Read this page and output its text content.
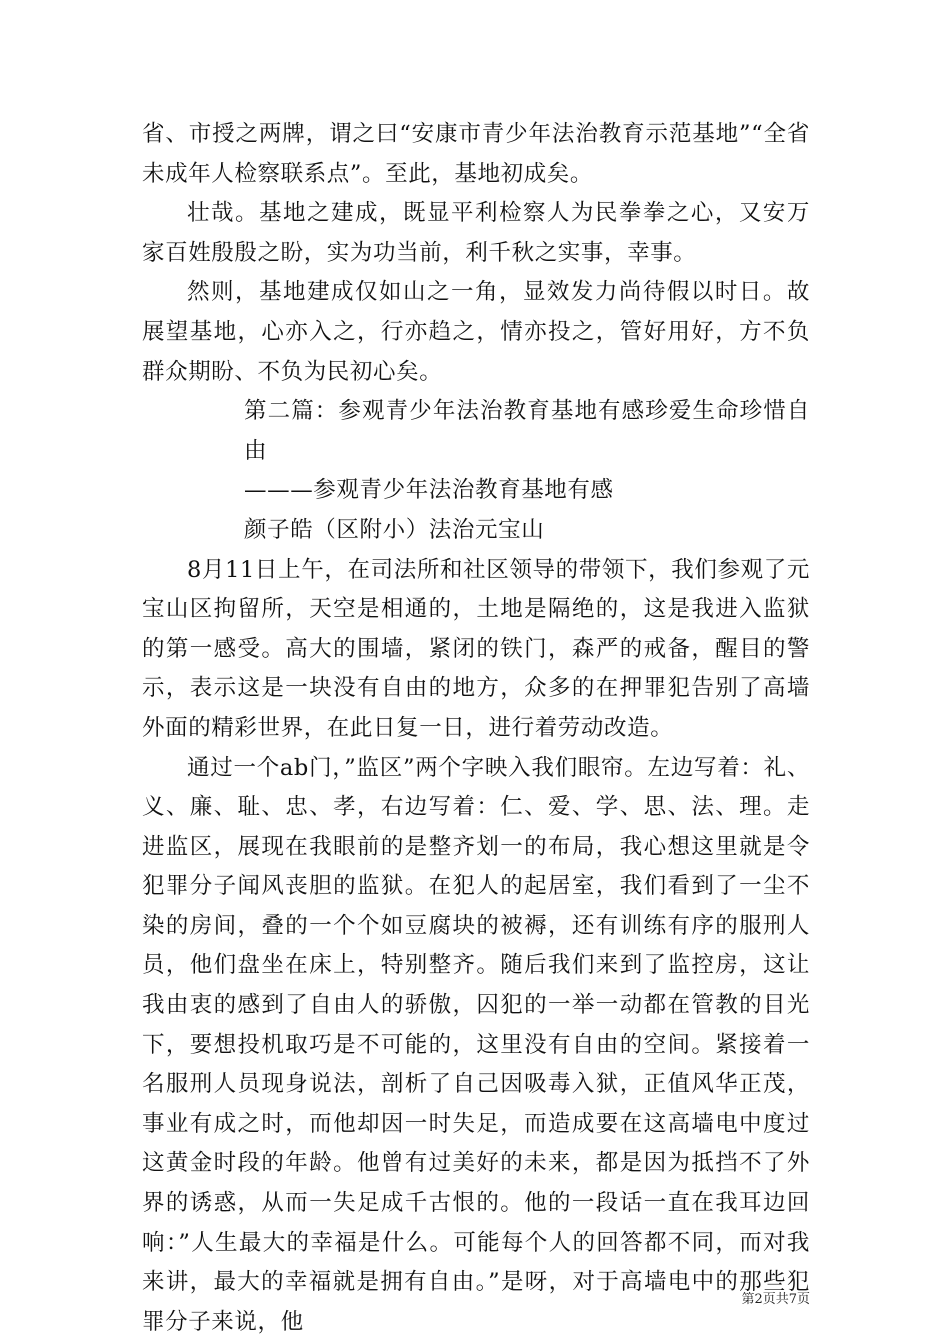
省、市授之两牌，谓之曰“安康市青少年法治教育示范基地”“全省未成年人检察联系点”。至此，基地初成矣。

壮哉。基地之建成，既显平利检察人为民拳拳之心，又安万家百姓殷殷之盼，实为功当前，利千秋之实事，幸事。

然则，基地建成仅如山之一角，显效发力尚待假以时日。故展望基地，心亦入之，行亦趋之，情亦投之，管好用好，方不负群众期盼、不负为民初心矣。

第二篇：参观青少年法治教育基地有感珍爱生命珍惜自由

———参观青少年法治教育基地有感

颜子皓（区附小）法治元宝山

8月11日上午，在司法所和社区领导的带领下，我们参观了元宝山区拘留所，天空是相通的，土地是隔绝的，这是我进入监狱的第一感受。高大的围墙，紧闭的铁门，森严的戒备，醒目的警示，表示这是一块没有自由的地方，众多的在押罪犯告别了高墙外面的精彩世界，在此日复一日，进行着劳动改造。

通过一个ab门，”监区”两个字映入我们眼帘。左边写着：礼、义、廉、耻、忠、孝，右边写着：仁、爱、学、思、法、理。走进监区，展现在我眼前的是整齐划一的布局，我心想这里就是令犯罪分子闻风丧胆的监狱。在犯人的起居室，我们看到了一尘不染的房间，叠的一个个如豆腐块的被褥，还有训练有序的服刑人员，他们盘坐在床上，特别整齐。随后我们来到了监控房，这让我由衷的感到了自由人的骄傲，囚犯的一举一动都在管教的目光下，要想投机取巧是不可能的，这里没有自由的空间。紧接着一名服刑人员现身说法，剖析了自己因吸毒入狱，正值风华正茂，事业有成之时，而他却因一时失足，而造成要在这高墙电中度过这黄金时段的年龄。他曾有过美好的未来，都是因为抵挡不了外界的诱惑，从而一失足成千古恨的。他的一段话一直在我耳边回响：”人生最大的幸福是什么。可能每个人的回答都不同，而对我来讲，最大的幸福就是拥有自由。”是呀，对于高墙电中的那些犯罪分子来说，他

第2页共7页
